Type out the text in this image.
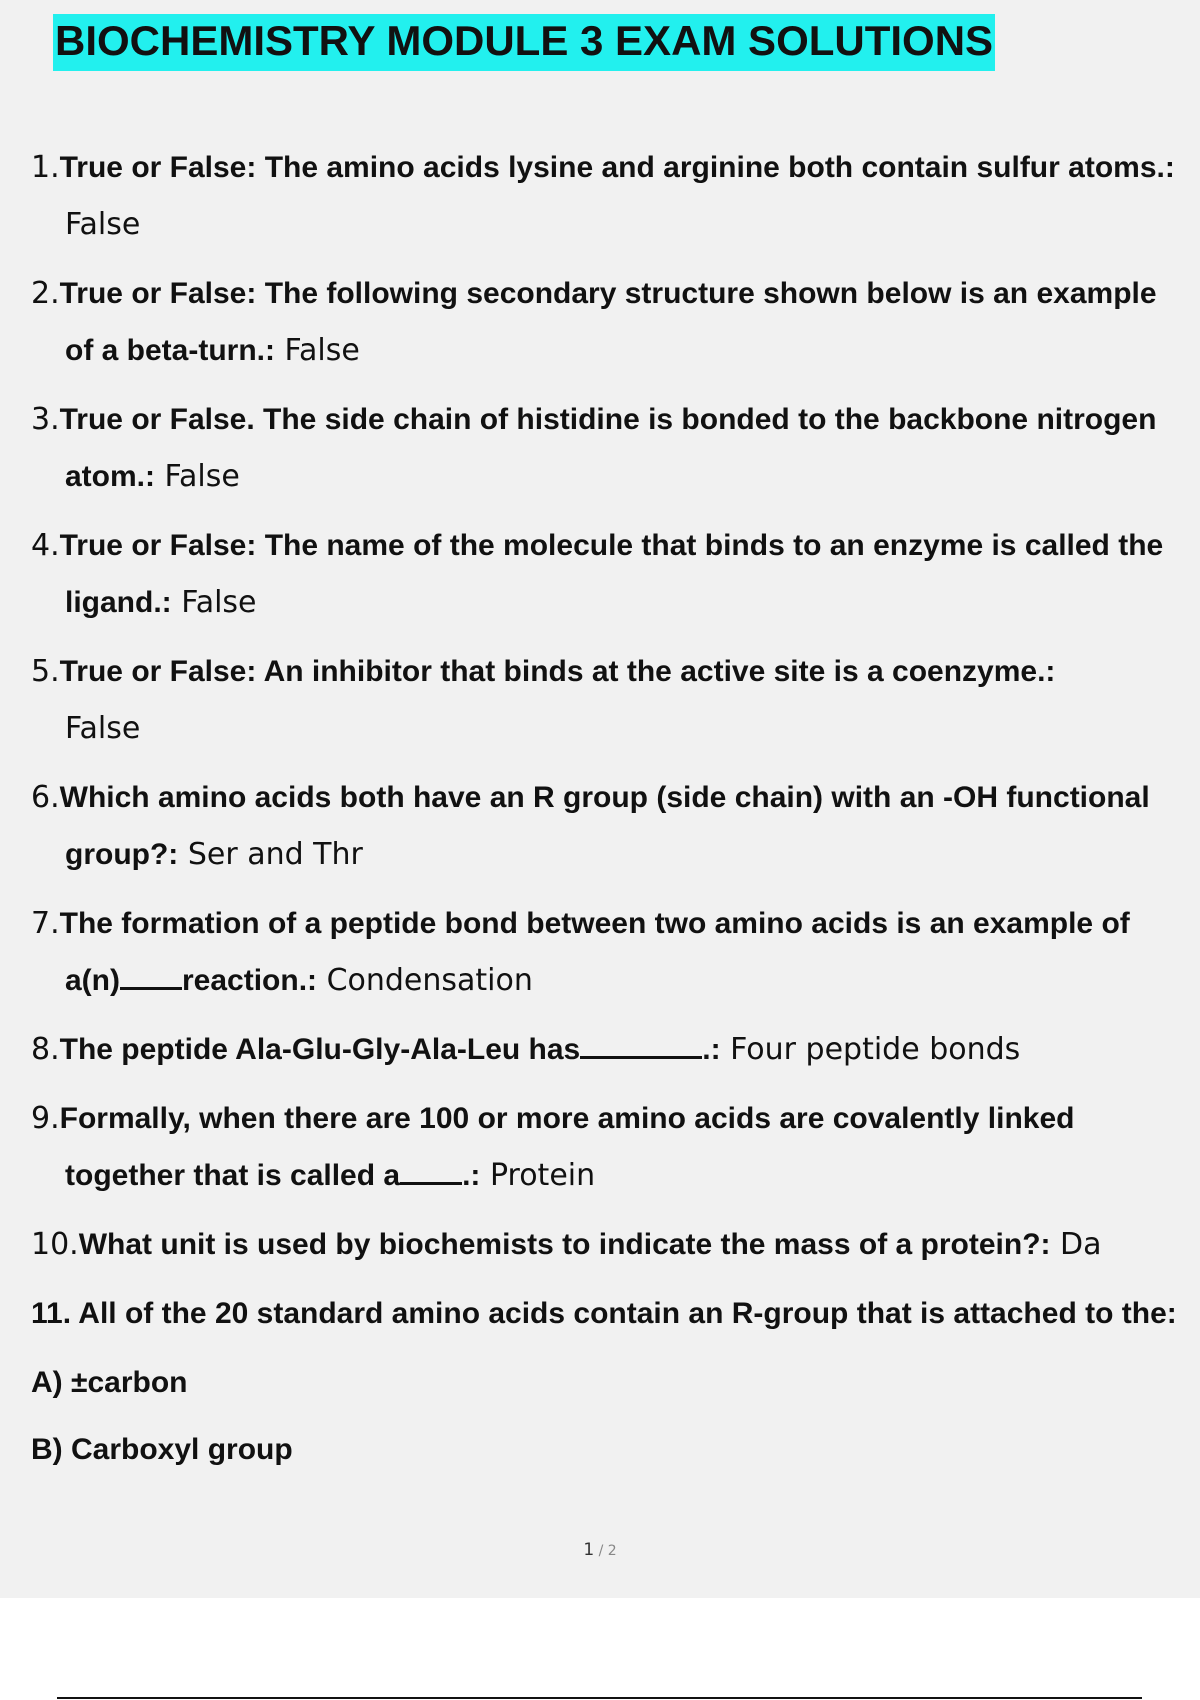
BIOCHEMISTRY MODULE 3 EXAM SOLUTIONS
1.True or False: The amino acids lysine and arginine both contain sulfur atoms.: False
2.True or False: The following secondary structure shown below is an example of a beta-turn.: False
3.True or False. The side chain of histidine is bonded to the backbone nitrogen atom.: False
4.True or False: The name of the molecule that binds to an enzyme is called the ligand.: False
5.True or False: An inhibitor that binds at the active site is a coenzyme.:
False
6.Which amino acids both have an R group (side chain) with an -OH functional group?: Ser and Thr
7.The formation of a peptide bond between two amino acids is an example of a(n) reaction.: Condensation
8.The peptide Ala-Glu-Gly-Ala-Leu has	.: Four peptide bonds
9.Formally, when there are 100 or more amino acids are covalently linked together that is called a .: Protein
10.What unit is used by biochemists to indicate the mass of a protein?: Da
11. All of the 20 standard amino acids contain an R-group that is attached to the:
A) ±carbon
B) Carboxyl group
1 / 2
